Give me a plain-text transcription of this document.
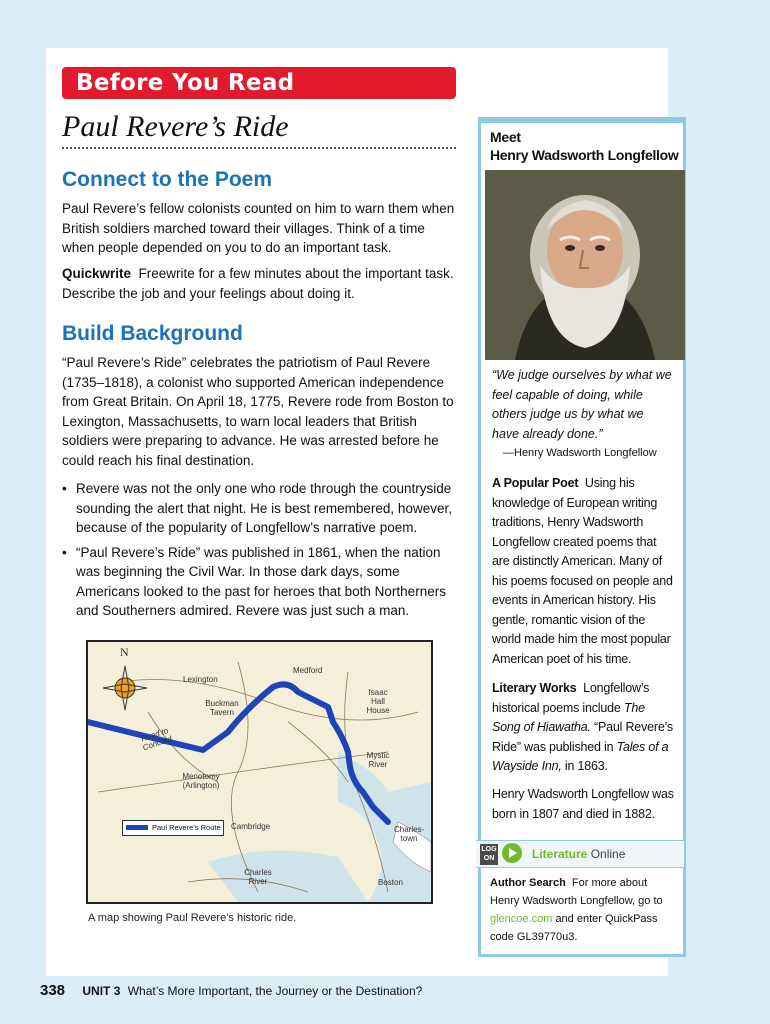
Before You Read
Paul Revere’s Ride
Connect to the Poem

Paul Revere’s fellow colonists counted on him to warn them when British soldiers marched toward their villages. Think of a time when people depended on you to do an important task.

Quickwrite Freewrite for a few minutes about the important task. Describe the job and your feelings about doing it.

Build Background

“Paul Revere’s Ride” celebrates the patriotism of Paul Revere (1735–1818), a colonist who supported American independence from Great Britain. On April 18, 1775, Revere rode from Boston to Lexington, Massachusetts, to warn local leaders that British soldiers were preparing to advance. He was arrested before he could reach his final destination.

• Revere was not the only one who rode through the countryside sounding the alert that night. He is best remembered, however, because of the popularity of Longfellow’s narrative poem.
• “Paul Revere’s Ride” was published in 1861, when the nation was beginning the Civil War. In those dark days, some Americans looked to the past for heroes that both Northerners and Southerners admired. Revere was just such a man.
N
Lexington
Buckman Tavern
Medford
Isaac Hall House
Road to Concord
Mystic River
Menotomy (Arlington)
Cambridge	Charles-town
Charles River	Boston
Paul Revere’s Route
A map showing Paul Revere’s historic ride.
Meet
Henry Wadsworth Longfellow
“We judge ourselves by what we feel capable of doing, while others judge us by what we have already done.”
—Henry Wadsworth Longfellow

A Popular Poet Using his knowledge of European writing traditions, Henry Wadsworth Longfellow created poems that are distinctly American. Many of his poems focused on people and events in American history. His gentle, romantic vision of the world made him the most popular American poet of his time.

Literary Works Longfellow’s historical poems include The Song of Hiawatha. “Paul Revere’s Ride” was published in Tales of a Wayside Inn, in 1863.

Henry Wadsworth Longfellow was born in 1807 and died in 1882.

LOG ON	Literature Online
Author Search For more about Henry Wadsworth Longfellow, go to glencoe.com and enter QuickPass code GL39770u3.
338 UNIT 3 What’s More Important, the Journey or the Destination?
